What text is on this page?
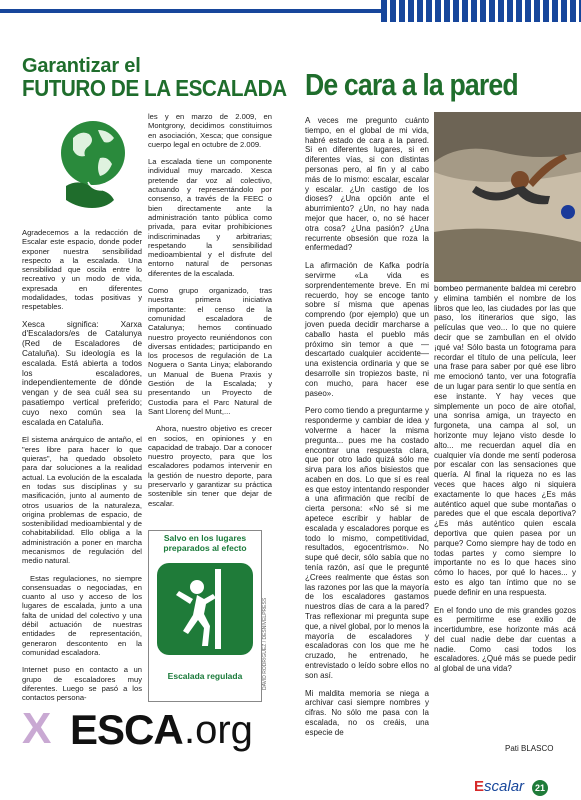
Garantizar el
FUTURO DE LA ESCALADA

Agradecemos a la redacción de Escalar este espacio, donde poder exponer nuestra sensibilidad respecto a la escalada. Una sensibilidad que oscila entre lo recreativo y un modo de vida, expresada en diferentes modalidades, todas positivas y respetables.

Xesca significa: Xarxa d'Escaladors/es de Catalunya (Red de Escaladores de Cataluña). Su ideología es la escalada. Está abierta a todos los escaladores, independientemente de dónde vengan y de sea cuál sea su pasatiempo vertical preferido; cuyo nexo común sea la escalada en Cataluña.

El sistema anárquico de antaño, el "eres libre para hacer lo que quieras", ha quedado obsoleto para dar soluciones a la realidad actual. La evolución de la escalada en todas sus disciplinas y su masificación, junto al aumento de otros usuarios de la naturaleza, origina problemas de espacio, de sostenibilidad medioambiental y de cohabitabilidad. Ello obliga a la administración a poner en marcha mecanismos de regulación del medio natural.

Estas regulaciones, no siempre consensuadas o negociadas, en cuanto al uso y acceso de los lugares de escalada, junto a una falta de unidad del colectivo y una débil actuación de nuestras entidades de representación, generaron descontento en la comunidad escaladora.

Internet puso en contacto a un grupo de escaladores muy diferentes. Luego se pasó a los contactos persona-

les y en marzo de 2.009, en Montgrony, decidimos constituirnos en asociación, Xesca; que consigue cuerpo legal en octubre de 2.009.

La escalada tiene un componente individual muy marcado. Xesca pretende dar voz al colectivo, actuando y representándolo por consenso, a través de la FEEC o bien directamente ante la administración tanto pública como privada, para evitar prohibiciones indiscriminadas y arbitrarias; respetando la sensibilidad medioambiental y el disfrute del entorno natural de personas diferentes de la escalada.

Como grupo organizado, tras nuestra primera iniciativa importante: el censo de la comunidad escaladora de Catalunya; hemos continuado nuestro proyecto reuniéndonos con diversas entidades; participando en los procesos de regulación de La Noguera o Santa Linya; elaborando un Manual de Buena Praxis y Gestión de la Escalada; y presentando un Proyecto de Custodia para el Parc Natural de Sant Llorenç del Munt,...

Ahora, nuestro objetivo es crecer en socios, en opiniones y en capacidad de trabajo. Dar a conocer nuestro proyecto, para que los escaladores podamos intervenir en la gestión de nuestro deporte, para preservarlo y garantizar su práctica sostenible sin tener que dejar de escalar.

Salvo en los lugares preparados al efecto
Escalada regulada	DAVID RODRÍGUEZ / DESNIVELPRESS
X ESCA .org
De cara a la pared

A veces me pregunto cuánto tiempo, en el global de mi vida, habré estado de cara a la pared. Si en diferentes lugares, si en diferentes vías, si con distintas personas pero, al fin y al cabo más de lo mismo: escalar, escalar y escalar. ¿Un castigo de los dioses? ¿Una opción ante el aburrimiento? ¿Un, no hay nada mejor que hacer, o, no sé hacer otra cosa? ¿Una pasión? ¿Una recurrente obsesión que roza la enfermedad?

La afirmación de Kafka podría servirme «La vida es sorprendentemente breve. En mi recuerdo, hoy se encoge tanto sobre sí misma que apenas comprendo (por ejemplo) que un joven pueda decidir marcharse a caballo hasta el pueblo más próximo sin temor a que —descartado cualquier accidente— una existencia ordinaria y que se desarrolle sin tropiezos baste, ni con mucho, para hacer ese paseo».

Pero como tiendo a preguntarme y responderme y cambiar de idea y volverme a hacer la misma pregunta... pues me ha costado encontrar una respuesta clara, que por otro lado quizá sólo me sirva para los años bisiestos que acaben en dos. Lo que sí es real es que estoy intentando responder a una afirmación que recibí de cierta persona: «No sé si me apetece escribir y hablar de escalada y escaladores porque es todo lo mismo, competitividad, resultados, egocentrismo». No supe qué decir, sólo sabía que no tenía razón, así que le pregunté ¿Crees realmente que éstas son las razones por las que la mayoría de los escaladores gastamos nuestros días de cara a la pared? Tras reflexionar mi pregunta supe que, a nivel global, por lo menos la mayoría de escaladores y escaladoras con los que me he cruzado, he entrenado, he entrevistado o leído sobre ellos no son así.

Mi maldita memoria se niega a archivar casi siempre nombres y cifras. No sólo me pasa con la escalada, no os creáis, una especie de

bombeo permanente baldea mi cerebro y elimina también el nombre de los libros que leo, las ciudades por las que paso, los itinerarios que sigo, las películas que veo... lo que no quiere decir que se zambullan en el olvido ¡qué va! Sólo basta un fotograma para recordar el título de una película, leer una frase para saber por qué ese libro me emocionó tanto, ver una fotografía de un lugar para sentir lo que sentía en ese instante. Y hay veces que simplemente un poco de aire otoñal, una sonrisa amiga, un trayecto en furgoneta, una campa al sol, un horizonte muy lejano visto desde lo alto... me recuerdan aquel día en cualquier vía donde me sentí poderosa por escalar con las sensaciones que quería. Al final la riqueza no es las veces que haces algo ni siquiera exactamente lo que haces ¿Es más auténtico aquel que sube montañas o paredes que el que escala deportiva? ¿Es más auténtico quien escala deportiva que quien pasea por un parque? Como siempre hay de todo en todas partes y como siempre lo importante no es lo que haces sino cómo lo haces, por qué lo haces... y esto es algo tan íntimo que no se puede definir en una respuesta.

En el fondo uno de mis grandes gozos es permitirme ese exilio de incertidumbre, ese horizonte más acá del cual nadie debe dar cuentas a nadie. Como casi todos los escaladores. ¿Qué más se puede pedir al global de una vida?

Pati BLASCO
Escalar	21
